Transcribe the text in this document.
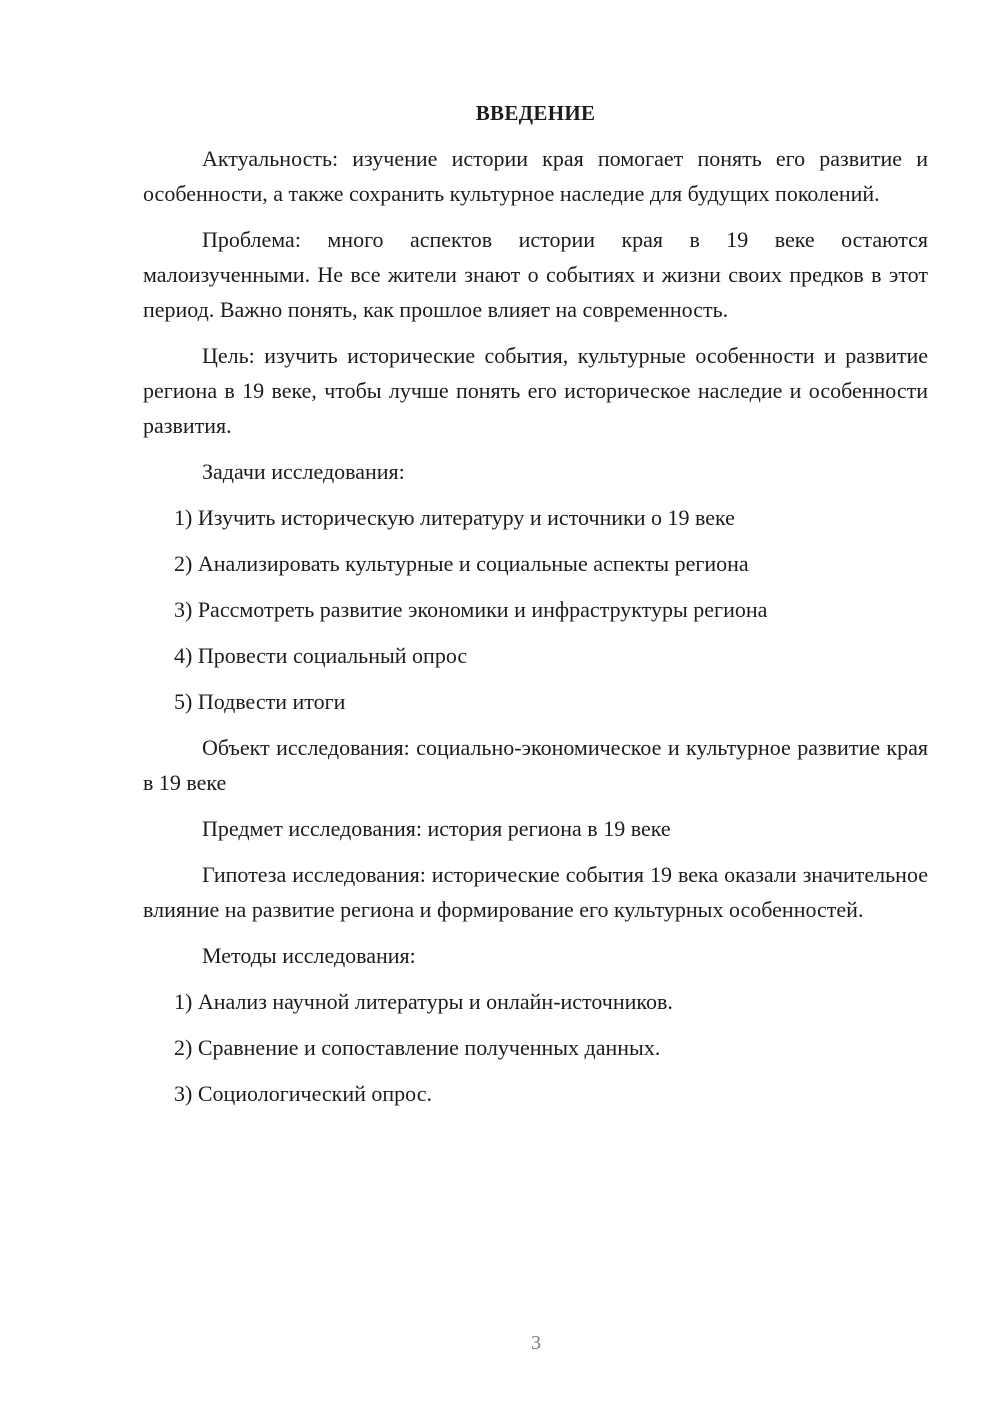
ВВЕДЕНИЕ

Актуальность: изучение истории края помогает понять его развитие и особенности, а также сохранить культурное наследие для будущих поколений.

Проблема: много аспектов истории края в 19 веке остаются малоизученными. Не все жители знают о событиях и жизни своих предков в этот период. Важно понять, как прошлое влияет на современность.

Цель: изучить исторические события, культурные особенности и развитие региона в 19 веке, чтобы лучше понять его историческое наследие и особенности развития.

Задачи исследования:

1) Изучить историческую литературу и источники о 19 веке

2) Анализировать культурные и социальные аспекты региона

3) Рассмотреть развитие экономики и инфраструктуры региона

4) Провести социальный опрос

5) Подвести итоги

Объект исследования: социально-экономическое и культурное развитие края в 19 веке

Предмет исследования: история региона в 19 веке

Гипотеза исследования: исторические события 19 века оказали значительное влияние на развитие региона и формирование его культурных особенностей.

Методы исследования:

1) Анализ научной литературы и онлайн-источников.

2) Сравнение и сопоставление полученных данных.

3) Социологический опрос.

3
